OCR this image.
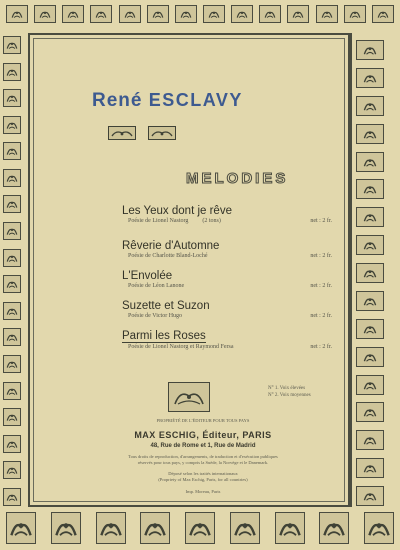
René ESCLAVY
MELODIES
Les Yeux dont je rêve
Poésie de Lionel Nastorg (2 tons)	net : 2 fr.
Rêverie d'Automne
Poésie de Charlotte Bland-Loché	net : 2 fr.
L'Envolée
Poésie de Léon Lanone	net : 2 fr.
Suzette et Suzon
Poésie de Victor Hugo	net : 2 fr.
Parmi les Roses
Poésie de Lionel Nastorg et Raymond Fersa	net : 2 fr.
N° 1. Voix élevées
N° 2. Voix moyennes
PROPRIÉTÉ DE L'ÉDITEUR POUR TOUS PAYS
MAX ESCHIG, Éditeur, PARIS
48, Rue de Rome et 1, Rue de Madrid
Tous droits de reproduction, d'arrangements, de traduction et d'exécution publiques
réservés pour tous pays, y compris la Suède, la Norvège et le Danemark.
Déposé selon les traités internationaux
(Propriety of Max Eschig, Paris, for all countries)
Imp. Moreau, Paris
